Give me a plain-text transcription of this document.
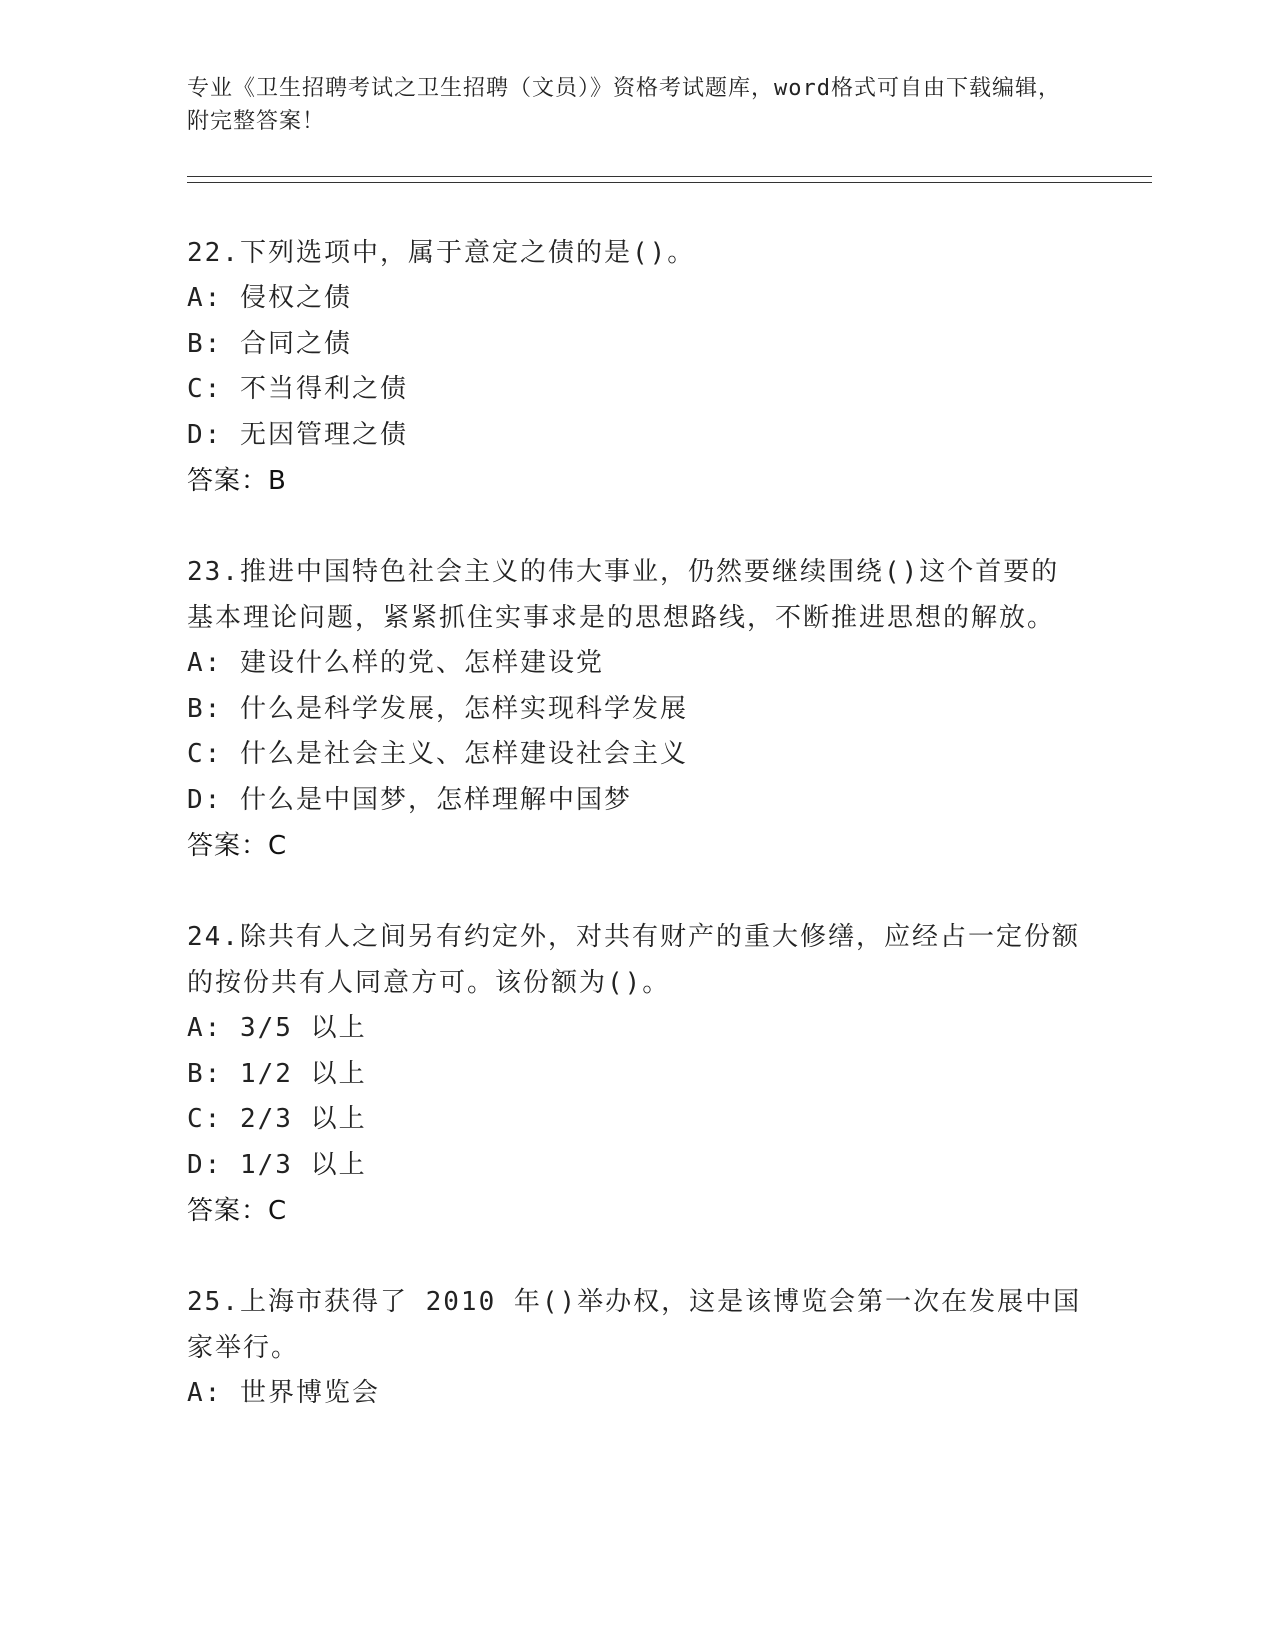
专业《卫生招聘考试之卫生招聘（文员）》资格考试题库，word格式可自由下载编辑，附完整答案！

22.下列选项中，属于意定之债的是()。

A: 侵权之债

B: 合同之债

C: 不当得利之债

D: 无因管理之债

答案：B

23.推进中国特色社会主义的伟大事业，仍然要继续围绕()这个首要的基本理论问题，紧紧抓住实事求是的思想路线，不断推进思想的解放。

A: 建设什么样的党、怎样建设党

B: 什么是科学发展，怎样实现科学发展

C: 什么是社会主义、怎样建设社会主义

D: 什么是中国梦，怎样理解中国梦

答案：C

24.除共有人之间另有约定外，对共有财产的重大修缮，应经占一定份额的按份共有人同意方可。该份额为()。

A: 3/5 以上

B: 1/2 以上

C: 2/3 以上

D: 1/3 以上

答案：C

25.上海市获得了 2010 年()举办权，这是该博览会第一次在发展中国家举行。

A: 世界博览会
